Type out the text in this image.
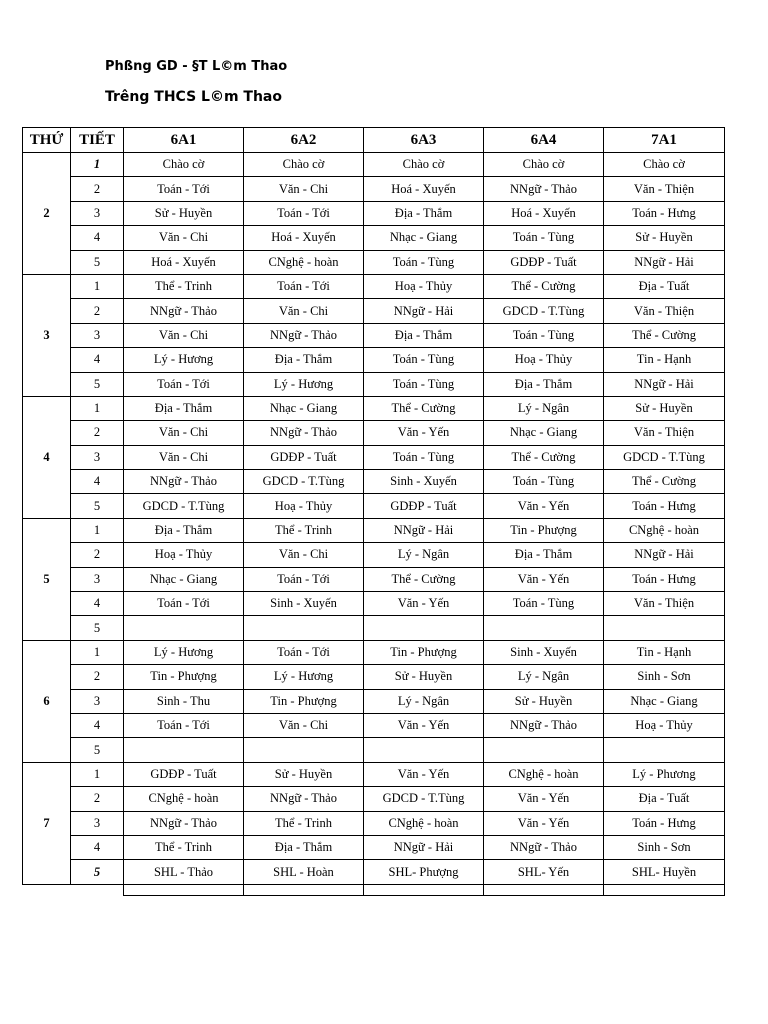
Phßng GD - §T L©m Thao
Trêng THCS L©m Thao
THỨ	TIẾT	6A1	6A2	6A3	6A4	7A1
2	1	Chào cờ	Chào cờ	Chào cờ	Chào cờ	Chào cờ
	2	Toán - Tới	Văn - Chi	Hoá - Xuyến	NNgữ - Thảo	Văn - Thiện
	3	Sử - Huyền	Toán - Tới	Địa - Thắm	Hoá - Xuyến	Toán - Hưng
	4	Văn - Chi	Hoá - Xuyến	Nhạc - Giang	Toán - Tùng	Sử - Huyền
	5	Hoá - Xuyến	CNghệ - hoàn	Toán - Tùng	GDĐP - Tuất	NNgữ - Hải
3	1	Thể - Trinh	Toán - Tới	Hoạ - Thủy	Thể - Cường	Địa - Tuất
	2	NNgữ - Thảo	Văn - Chi	NNgữ - Hải	GDCD - T.Tùng	Văn - Thiện
	3	Văn - Chi	NNgữ - Thảo	Địa - Thắm	Toán - Tùng	Thể - Cường
	4	Lý - Hương	Địa - Thắm	Toán - Tùng	Hoạ - Thủy	Tin - Hạnh
	5	Toán - Tới	Lý - Hương	Toán - Tùng	Địa - Thắm	NNgữ - Hải
4	1	Địa - Thắm	Nhạc - Giang	Thể - Cường	Lý - Ngân	Sử - Huyền
	2	Văn - Chi	NNgữ - Thảo	Văn - Yến	Nhạc - Giang	Văn - Thiện
	3	Văn - Chi	GDĐP - Tuất	Toán - Tùng	Thể - Cường	GDCD - T.Tùng
	4	NNgữ - Thảo	GDCD - T.Tùng	Sinh - Xuyến	Toán - Tùng	Thể - Cường
	5	GDCD - T.Tùng	Hoạ - Thủy	GDĐP - Tuất	Văn - Yến	Toán - Hưng
5	1	Địa - Thắm	Thể - Trinh	NNgữ - Hải	Tin - Phượng	CNghệ - hoàn
	2	Hoạ - Thủy	Văn - Chi	Lý - Ngân	Địa - Thắm	NNgữ - Hải
	3	Nhạc - Giang	Toán - Tới	Thể - Cường	Văn - Yến	Toán - Hưng
	4	Toán - Tới	Sinh - Xuyến	Văn - Yến	Toán - Tùng	Văn - Thiện
	5					
6	1	Lý - Hương	Toán - Tới	Tin - Phượng	Sinh - Xuyến	Tin - Hạnh
	2	Tin - Phượng	Lý - Hương	Sử - Huyền	Lý - Ngân	Sinh - Sơn
	3	Sinh - Thu	Tin - Phượng	Lý - Ngân	Sử - Huyền	Nhạc - Giang
	4	Toán - Tới	Văn - Chi	Văn - Yến	NNgữ - Thảo	Hoạ - Thủy
	5					
7	1	GDĐP - Tuất	Sử - Huyền	Văn - Yến	CNghệ - hoàn	Lý - Phương
	2	CNghệ - hoàn	NNgữ - Thảo	GDCD - T.Tùng	Văn - Yến	Địa - Tuất
	3	NNgữ - Thảo	Thể - Trinh	CNghệ - hoàn	Văn - Yến	Toán - Hưng
	4	Thể - Trinh	Địa - Thắm	NNgữ - Hải	NNgữ - Thảo	Sinh - Sơn
	5	SHL - Thảo	SHL - Hoàn	SHL- Phượng	SHL- Yến	SHL- Huyền
